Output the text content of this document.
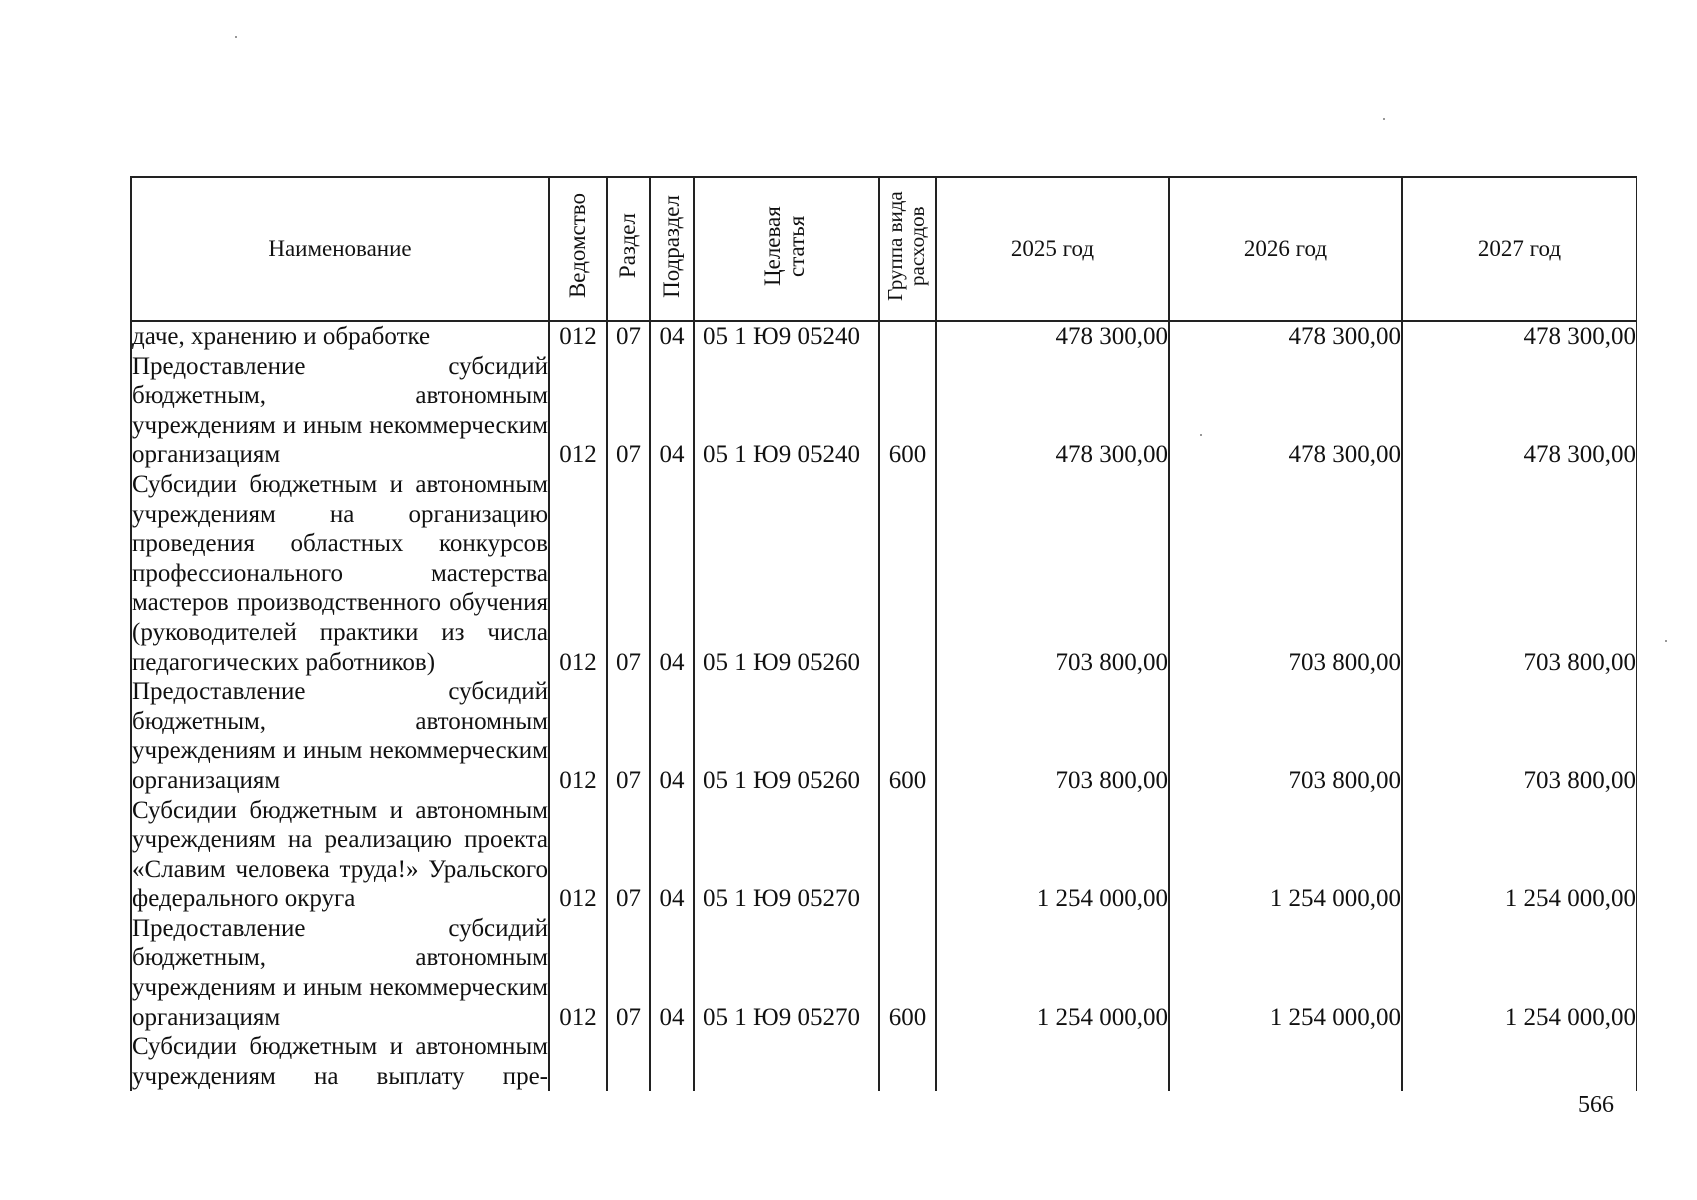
Наименование	Ведомство	Раздел	Подраздел	Целевая статья	Группа вида расходов	2025 год	2026 год	2027 год
даче, хранению и обработке	012	07	04	05 1 Ю9 05240		478 300,00	478 300,00	478 300,00
Предоставление субсидий бюджетным, автономным учреждениям и иным некоммерческим организациям	012	07	04	05 1 Ю9 05240	600	478 300,00	478 300,00	478 300,00
Субсидии бюджетным и автономным учреждениям на организацию проведения областных конкурсов профессионального мастерства мастеров производственного обучения (руководителей практики из числа педагогических работников)	012	07	04	05 1 Ю9 05260		703 800,00	703 800,00	703 800,00
Предоставление субсидий бюджетным, автономным учреждениям и иным некоммерческим организациям	012	07	04	05 1 Ю9 05260	600	703 800,00	703 800,00	703 800,00
Субсидии бюджетным и автономным учреждениям на реализацию проекта «Славим человека труда!» Уральского федерального округа	012	07	04	05 1 Ю9 05270		1 254 000,00	1 254 000,00	1 254 000,00
Предоставление субсидий бюджетным, автономным учреждениям и иным некоммерческим организациям	012	07	04	05 1 Ю9 05270	600	1 254 000,00	1 254 000,00	1 254 000,00
Субсидии бюджетным и автономным учреждениям на выплату пре-								
566
